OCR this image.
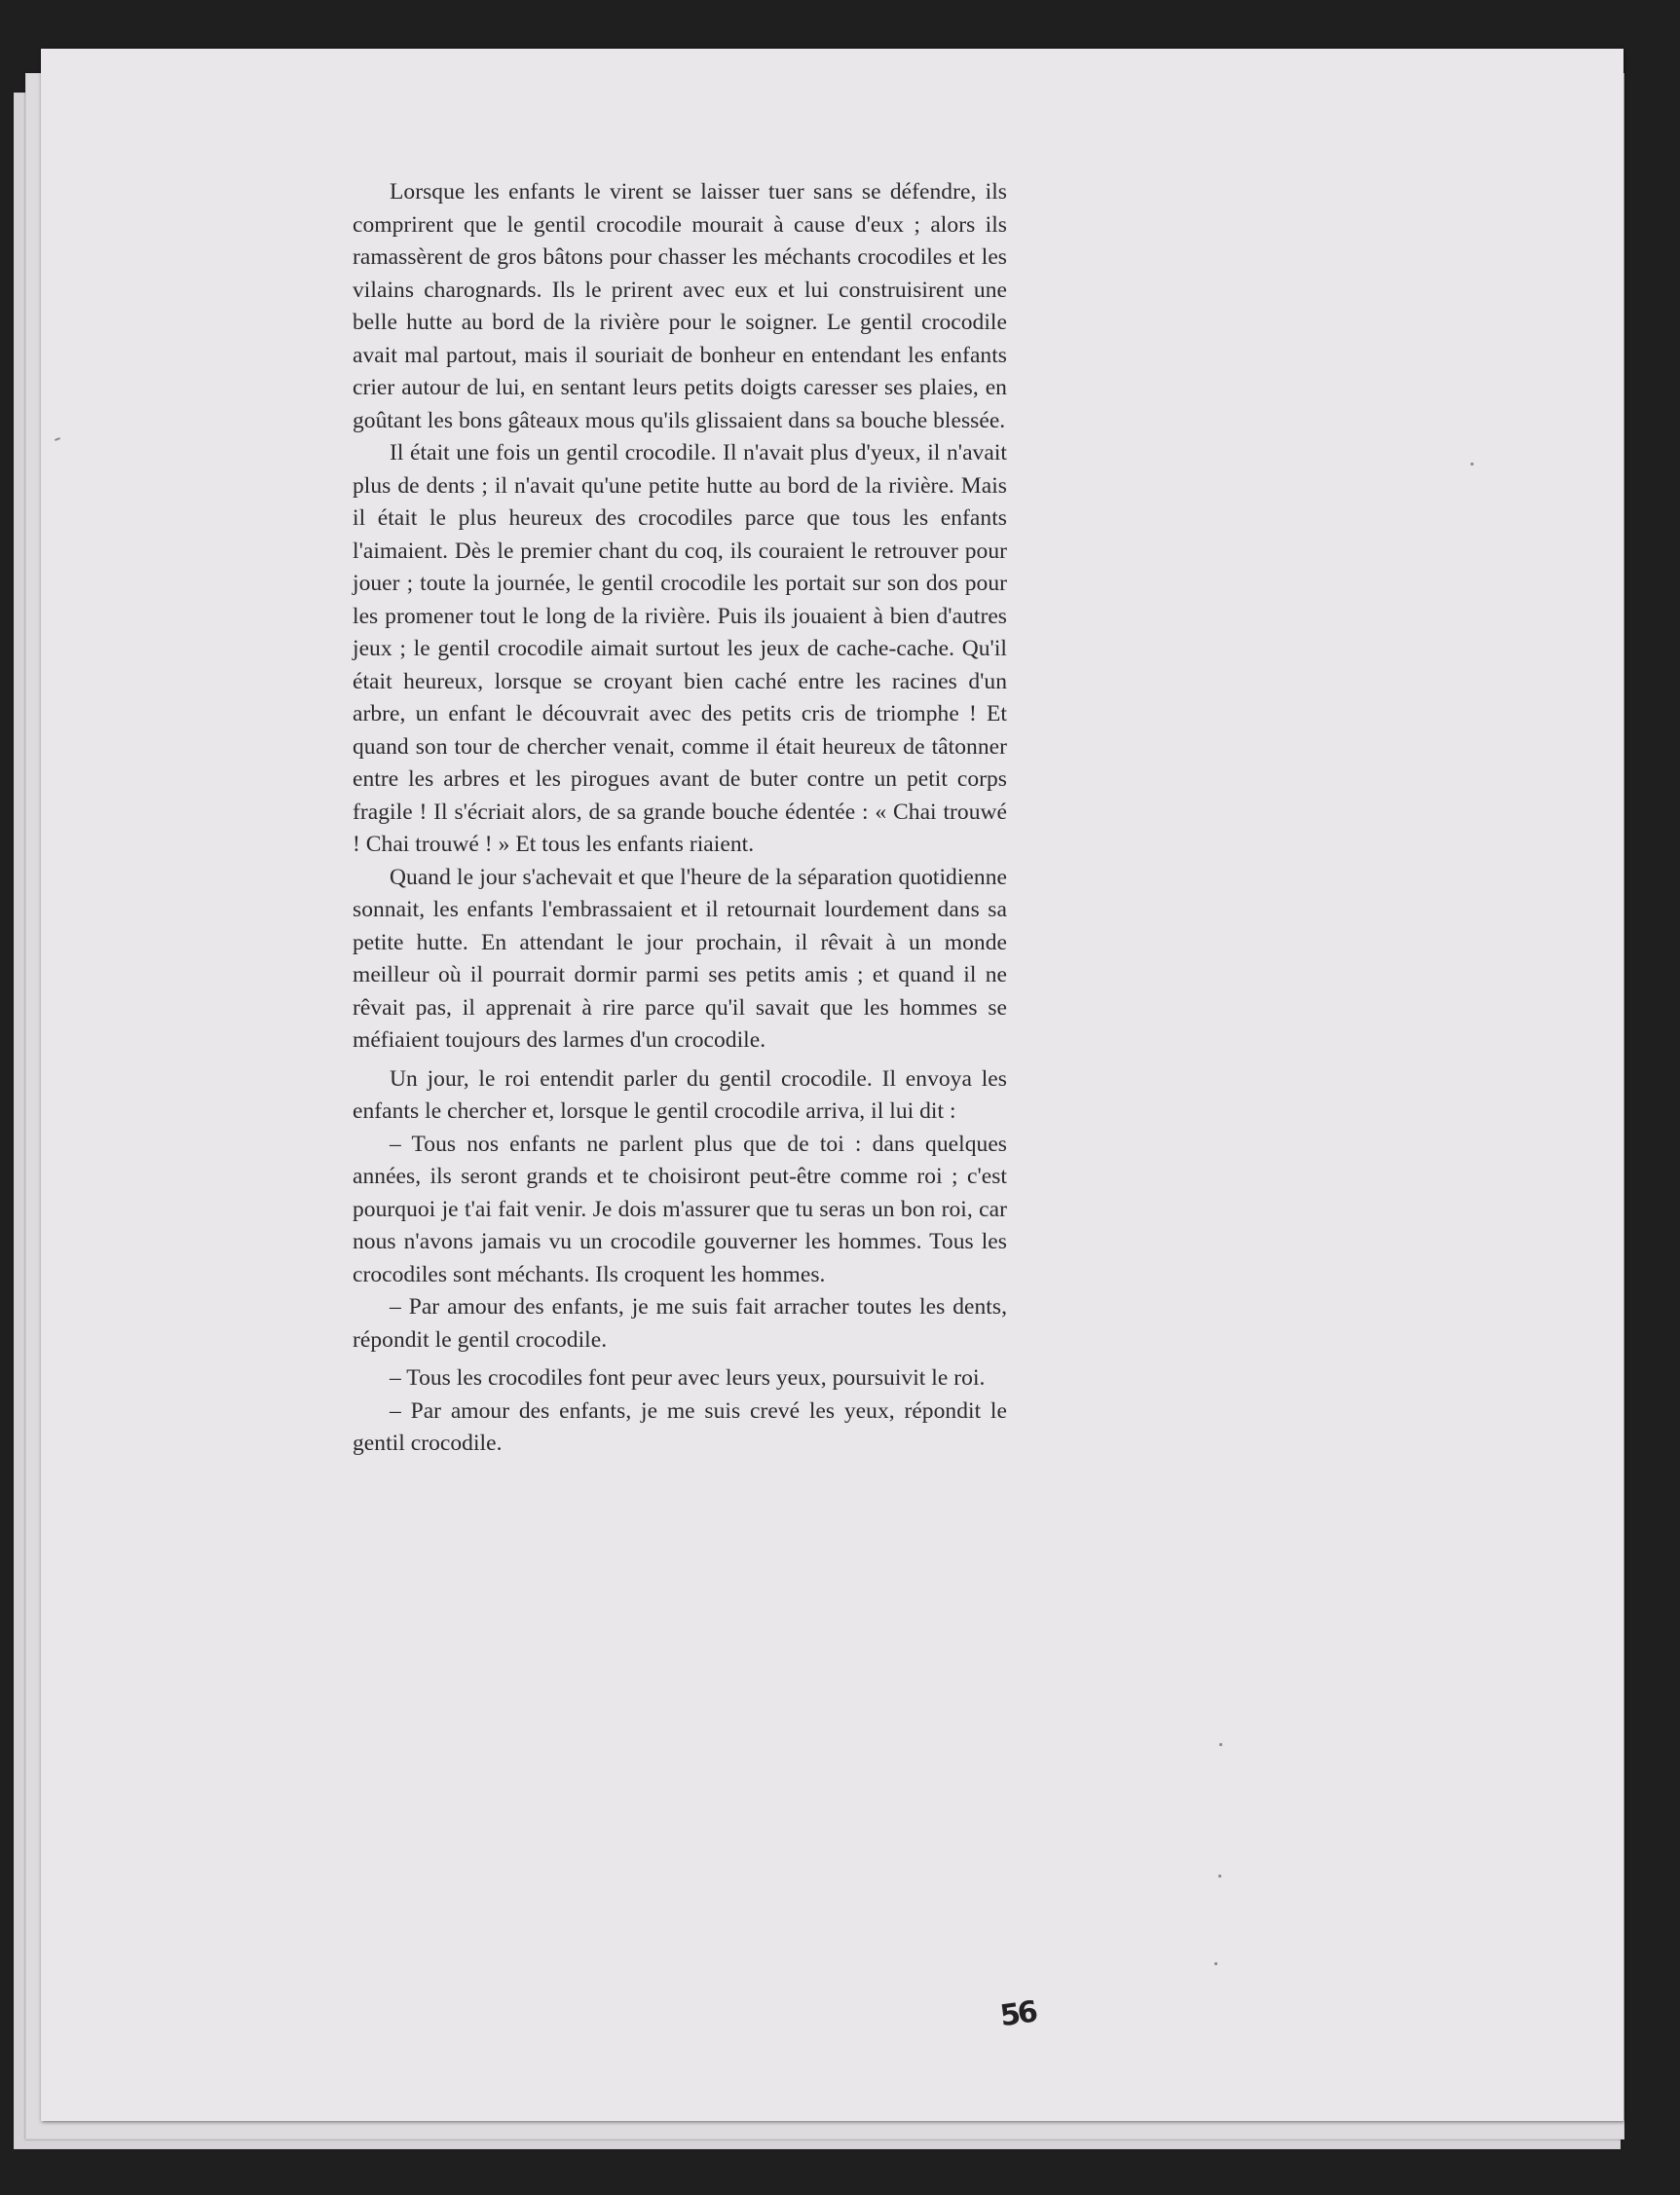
Lorsque les enfants le virent se laisser tuer sans se défendre, ils comprirent que le gentil crocodile mourait à cause d'eux ; alors ils ramassèrent de gros bâtons pour chasser les méchants crocodiles et les vilains charognards. Ils le prirent avec eux et lui construisirent une belle hutte au bord de la rivière pour le soigner. Le gentil crocodile avait mal partout, mais il souriait de bonheur en entendant les enfants crier autour de lui, en sentant leurs petits doigts caresser ses plaies, en goûtant les bons gâteaux mous qu'ils glissaient dans sa bouche blessée.

Il était une fois un gentil crocodile. Il n'avait plus d'yeux, il n'avait plus de dents ; il n'avait qu'une petite hutte au bord de la rivière. Mais il était le plus heureux des crocodiles parce que tous les enfants l'aimaient. Dès le premier chant du coq, ils couraient le retrouver pour jouer ; toute la journée, le gentil crocodile les portait sur son dos pour les promener tout le long de la rivière. Puis ils jouaient à bien d'autres jeux ; le gentil crocodile aimait surtout les jeux de cache-cache. Qu'il était heureux, lorsque se croyant bien caché entre les racines d'un arbre, un enfant le découvrait avec des petits cris de triomphe ! Et quand son tour de chercher venait, comme il était heureux de tâtonner entre les arbres et les pirogues avant de buter contre un petit corps fragile ! Il s'écriait alors, de sa grande bouche édentée : « Chai trouwé ! Chai trouwé ! » Et tous les enfants riaient.

Quand le jour s'achevait et que l'heure de la séparation quotidienne sonnait, les enfants l'embrassaient et il retournait lourdement dans sa petite hutte. En attendant le jour prochain, il rêvait à un monde meilleur où il pourrait dormir parmi ses petits amis ; et quand il ne rêvait pas, il apprenait à rire parce qu'il savait que les hommes se méfiaient toujours des larmes d'un crocodile.

Un jour, le roi entendit parler du gentil crocodile. Il envoya les enfants le chercher et, lorsque le gentil crocodile arriva, il lui dit :

– Tous nos enfants ne parlent plus que de toi : dans quelques années, ils seront grands et te choisiront peut-être comme roi ; c'est pourquoi je t'ai fait venir. Je dois m'assurer que tu seras un bon roi, car nous n'avons jamais vu un crocodile gouverner les hommes. Tous les crocodiles sont méchants. Ils croquent les hommes.

– Par amour des enfants, je me suis fait arracher toutes les dents, répondit le gentil crocodile.

– Tous les crocodiles font peur avec leurs yeux, poursuivit le roi.

– Par amour des enfants, je me suis crevé les yeux, répondit le gentil crocodile.

56
